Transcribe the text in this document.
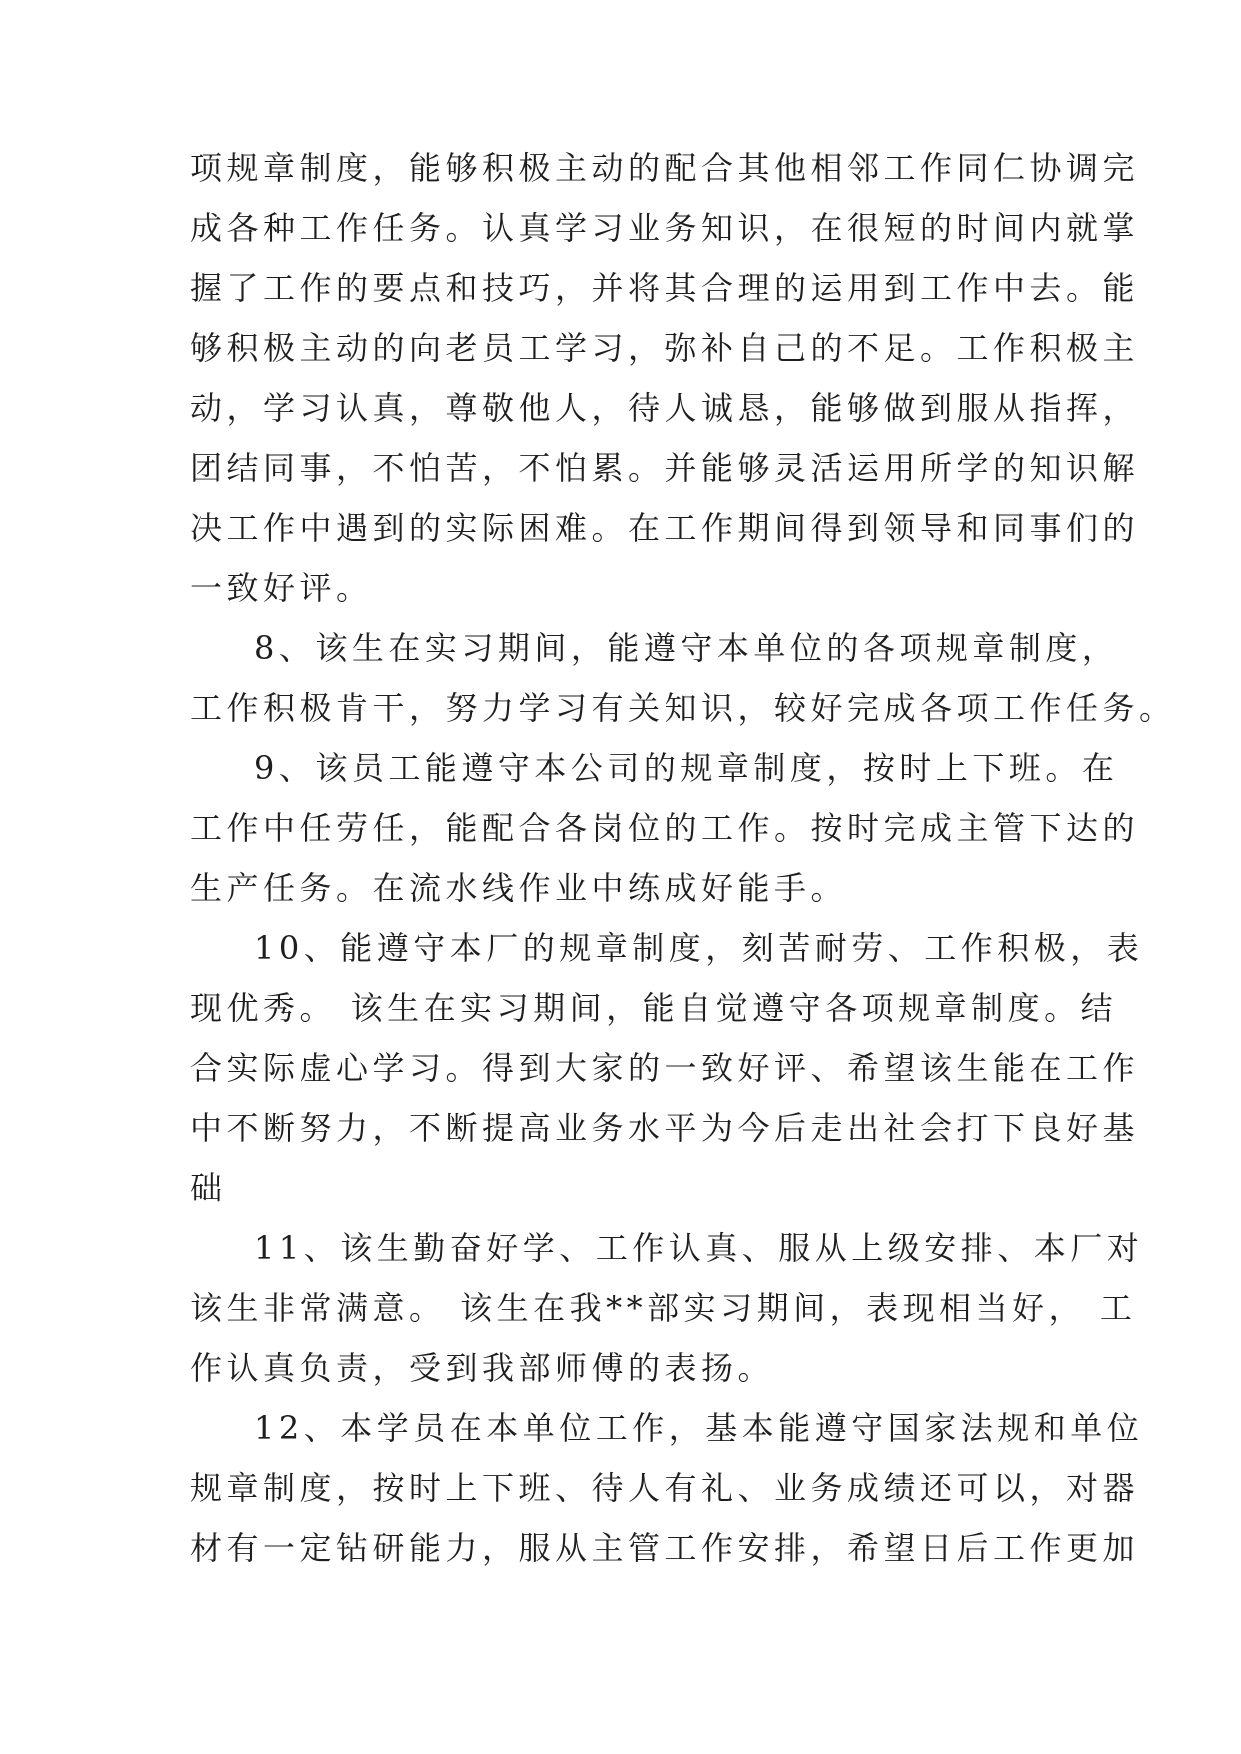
项规章制度，能够积极主动的配合其他相邻工作同仁协调完

成各种工作任务。认真学习业务知识，在很短的时间内就掌

握了工作的要点和技巧，并将其合理的运用到工作中去。能

够积极主动的向老员工学习，弥补自己的不足。工作积极主

动，学习认真，尊敬他人，待人诚恳，能够做到服从指挥，

团结同事，不怕苦，不怕累。并能够灵活运用所学的知识解

决工作中遇到的实际困难。在工作期间得到领导和同事们的

一致好评。

8、该生在实习期间，能遵守本单位的各项规章制度，

工作积极肯干，努力学习有关知识，较好完成各项工作任务。

9、该员工能遵守本公司的规章制度，按时上下班。在

工作中任劳任，能配合各岗位的工作。按时完成主管下达的

生产任务。在流水线作业中练成好能手。

10、能遵守本厂的规章制度，刻苦耐劳、工作积极，表

现优秀。 该生在实习期间，能自觉遵守各项规章制度。结

合实际虚心学习。得到大家的一致好评、希望该生能在工作

中不断努力，不断提高业务水平为今后走出社会打下良好基

础

11、该生勤奋好学、工作认真、服从上级安排、本厂对

该生非常满意。 该生在我**部实习期间，表现相当好， 工

作认真负责，受到我部师傅的表扬。

12、本学员在本单位工作，基本能遵守国家法规和单位

规章制度，按时上下班、待人有礼、业务成绩还可以，对器

材有一定钻研能力，服从主管工作安排，希望日后工作更加
